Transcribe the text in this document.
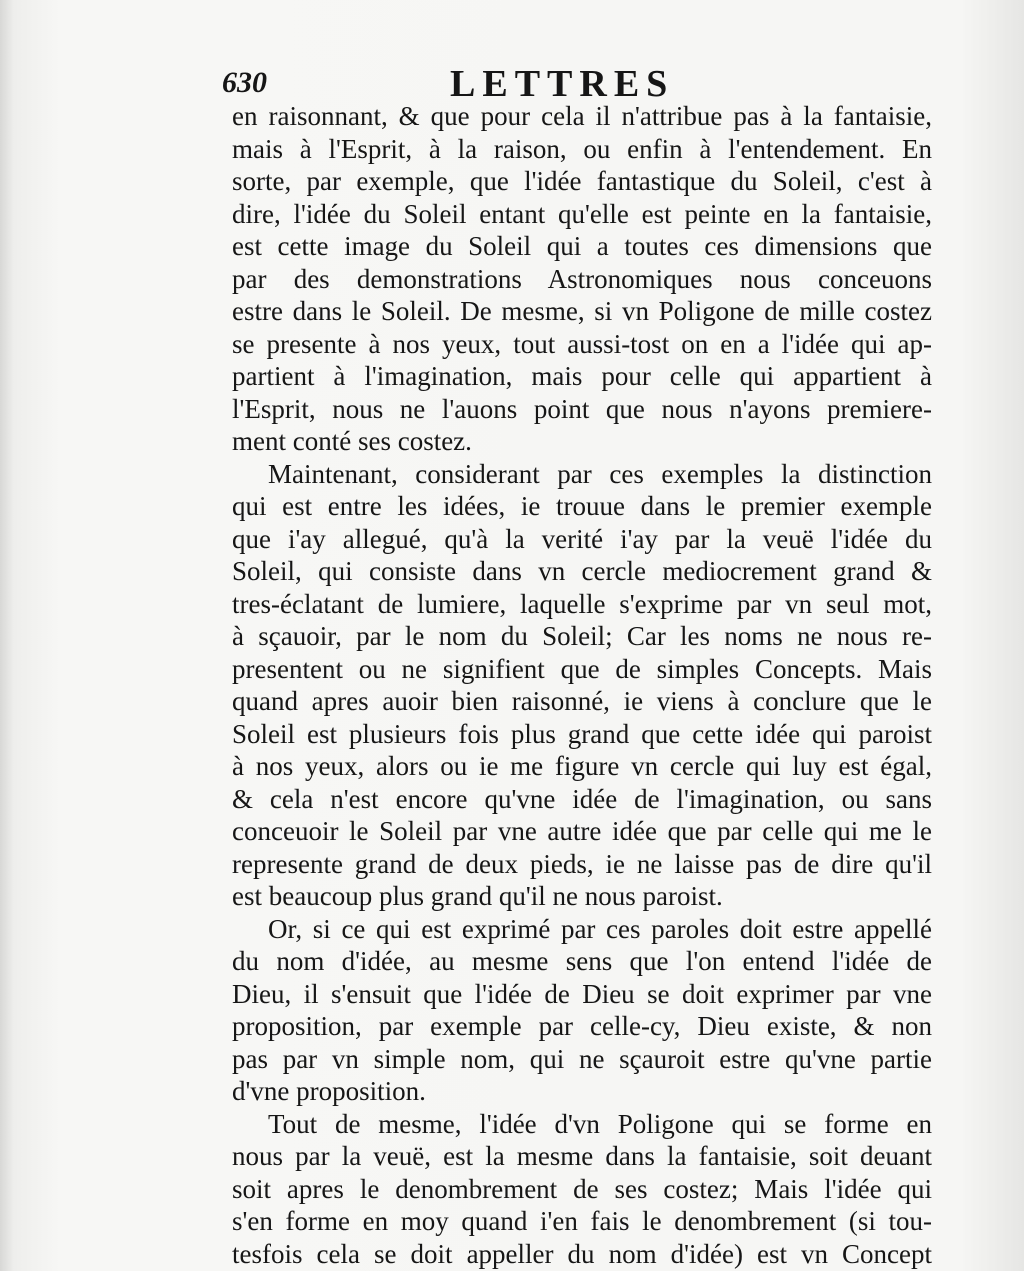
630	LETTRES
en raisonnant, & que pour cela il n'attribue pas à la fantaisie,
mais à l'Esprit, à la raison, ou enfin à l'entendement. En
sorte, par exemple, que l'idée fantastique du Soleil, c'est à
dire, l'idée du Soleil entant qu'elle est peinte en la fantaisie,
est cette image du Soleil qui a toutes ces dimensions que
par des demonstrations Astronomiques nous conceuons
estre dans le Soleil. De mesme, si vn Poligone de mille costez
se presente à nos yeux, tout aussi-tost on en a l'idée qui ap-
partient à l'imagination, mais pour celle qui appartient à
l'Esprit, nous ne l'auons point que nous n'ayons premiere-
ment conté ses costez.
Maintenant, considerant par ces exemples la distinction
qui est entre les idées, ie trouue dans le premier exemple
que i'ay allegué, qu'à la verité i'ay par la veuë l'idée du
Soleil, qui consiste dans vn cercle mediocrement grand &
tres-éclatant de lumiere, laquelle s'exprime par vn seul mot,
à sçauoir, par le nom du Soleil; Car les noms ne nous re-
presentent ou ne signifient que de simples Concepts. Mais
quand apres auoir bien raisonné, ie viens à conclure que le
Soleil est plusieurs fois plus grand que cette idée qui paroist
à nos yeux, alors ou ie me figure vn cercle qui luy est égal,
& cela n'est encore qu'vne idée de l'imagination, ou sans
conceuoir le Soleil par vne autre idée que par celle qui me le
represente grand de deux pieds, ie ne laisse pas de dire qu'il
est beaucoup plus grand qu'il ne nous paroist.
Or, si ce qui est exprimé par ces paroles doit estre appellé
du nom d'idée, au mesme sens que l'on entend l'idée de
Dieu, il s'ensuit que l'idée de Dieu se doit exprimer par vne
proposition, par exemple par celle-cy, Dieu existe, & non
pas par vn simple nom, qui ne sçauroit estre qu'vne partie
d'vne proposition.
Tout de mesme, l'idée d'vn Poligone qui se forme en
nous par la veuë, est la mesme dans la fantaisie, soit deuant
soit apres le denombrement de ses costez; Mais l'idée qui
s'en forme en moy quand i'en fais le denombrement (si tou-
tesfois cela se doit appeller du nom d'idée) est vn Concept
